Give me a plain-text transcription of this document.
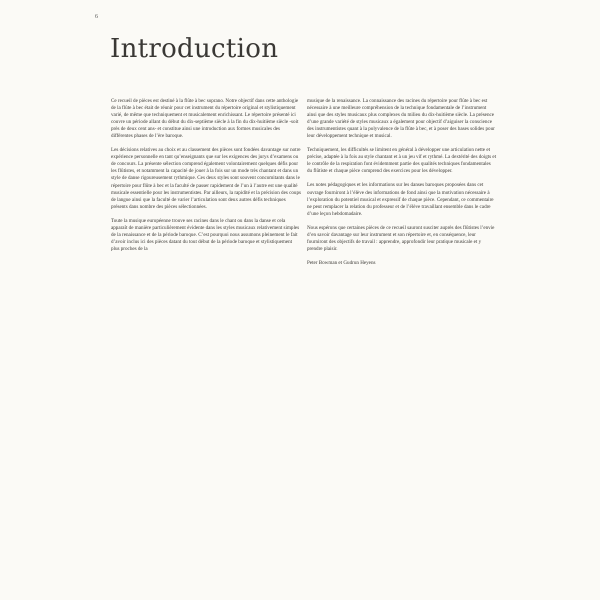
6
Introduction

Ce recueil de pièces est destiné à la flûte à bec soprano. Notre objectif dans cette anthologie de la flûte à bec était de réunir pour cet instrument du répertoire original et stylistiquement varié, de même que techniquement et musicalement enrichissant. Le répertoire présenté ici couvre un période allant du début du dix-septième siècle à la fin du dix-huitième siècle -soit près de deux cent ans- et constitue ainsi une introduction aux formes musicales des différentes phases de l’ère baroque.

Les décisions relatives au choix et au classement des pièces sont fondées davantage sur notre expérience personnelle en tant qu’enseignants que sur les exigences des jurys d’examens ou de concours. La présente sélection comprend également volontairement quelques défis pour les flûtistes, et notamment la capacité de jouer à la fois sur un mode très chantant et dans un style de danse rigoureusement rythmique. Ces deux styles sont souvent concomitants dans le répertoire pour flûte à bec et la faculté de passer rapidement de l’un à l’autre est une qualité musicale essentielle pour les instrumentistes. Par ailleurs, la rapidité et la précision des coups de langue ainsi que la faculté de varier l’articulation sont deux autres défis techniques présents dans nombre des pièces sélectionnées.

Toute la musique européenne trouve ses racines dans le chant ou dans la danse et cela apparaît de manière particulièrement évidente dans les styles musicaux relativement simples de la renaissance et de la période baroque. C’est pourquoi nous assumons pleinement le fait d’avoir inclus ici des pièces datant du tout début de la période baroque et stylistiquement plus proches de la

musique de la renaissance. La connaissance des racines du répertoire pour flûte à bec est nécessaire à une meilleure compréhension de la technique fondamentale de l’instrument ainsi que des styles musicaux plus complexes du milieu du dix-huitième siècle. La présence d’une grande variété de styles musicaux a également pour objectif d’aiguiser la conscience des instrumentistes quant à la polyvalence de la flûte à bec, et à poser des bases solides pour leur développement technique et musical.

Techniquement, les difficultés se limitent en général à développer une articulation nette et précise, adaptée à la fois au style chantant et à un jeu vif et rythmé. La dextérité des doigts et le contrôle de la respiration font évidemment partie des qualités techniques fondamentales du flûtiste et chaque pièce comprend des exercices pour les développer.

Les notes pédagogiques et les informations sur les danses baroques proposées dans cet ouvrage fourniront à l’élève des informations de fond ainsi que la motivation nécessaire à l’exploration du potentiel musical et expressif de chaque pièce. Cependant, ce commentaire ne peut remplacer la relation du professeur et de l’élève travaillant ensemble dans le cadre d’une leçon hebdomadaire.

Nous espérons que certaines pièces de ce recueil sauront susciter auprès des flûtistes l’envie d’en savoir davantage sur leur instrument et son répertoire et, en conséquence, leur fourniront des objectifs de travail : apprendre, approfondir leur pratique musicale et y prendre plaisir.

Peter Bowman et Gudrun Heyens
